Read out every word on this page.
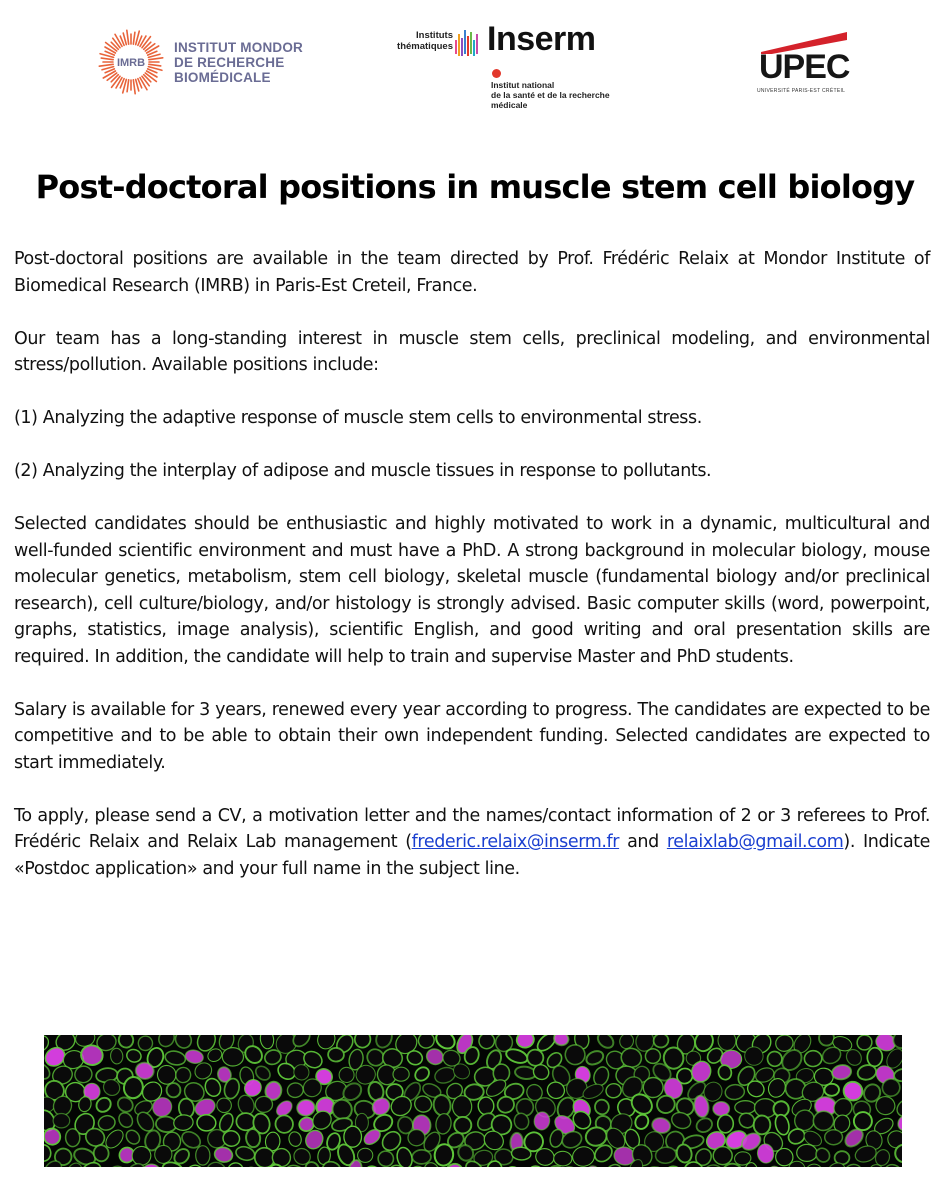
IMRB
INSTITUT MONDOR
DE RECHERCHE
BIOMÉDICALE
Instituts
thématiques Inserm
Institut national
de la santé et de la recherche médicale
UPEC
UNIVERSITÉ PARIS-EST CRÉTEIL
Post-doctoral positions in muscle stem cell biology

Post-doctoral positions are available in the team directed by Prof. Frédéric Relaix at Mondor Institute of Biomedical Research (IMRB) in Paris-Est Creteil, France.

Our team has a long-standing interest in muscle stem cells, preclinical modeling, and environmental stress/pollution. Available positions include:

(1) Analyzing the adaptive response of muscle stem cells to environmental stress.

(2) Analyzing the interplay of adipose and muscle tissues in response to pollutants.

Selected candidates should be enthusiastic and highly motivated to work in a dynamic, multicultural and well-funded scientific environment and must have a PhD. A strong background in molecular biology, mouse molecular genetics, metabolism, stem cell biology, skeletal muscle (fundamental biology and/or preclinical research), cell culture/biology, and/or histology is strongly advised. Basic computer skills (word, powerpoint, graphs, statistics, image analysis), scientific English, and good writing and oral presentation skills are required. In addition, the candidate will help to train and supervise Master and PhD students.

Salary is available for 3 years, renewed every year according to progress. The candidates are expected to be competitive and to be able to obtain their own independent funding. Selected candidates are expected to start immediately.

To apply, please send a CV, a motivation letter and the names/contact information of 2 or 3 referees to Prof. Frédéric Relaix and Relaix Lab management (frederic.relaix@inserm.fr and relaixlab@gmail.com). Indicate «Postdoc application» and your full name in the subject line.
